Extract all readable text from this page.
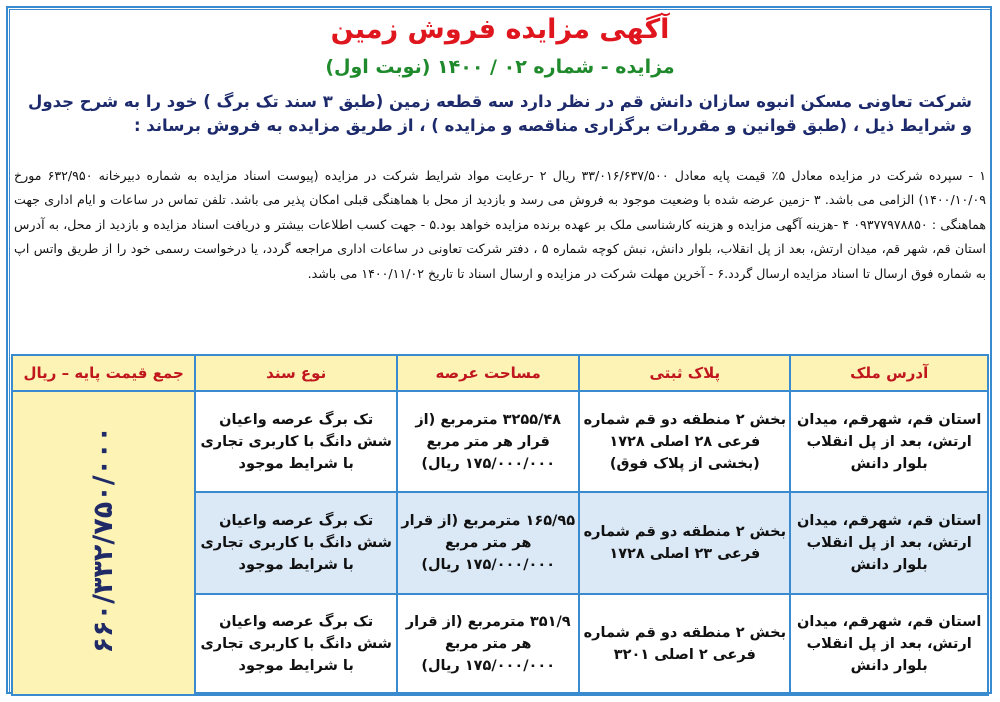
آگهی مزایده فروش زمین
مزایده - شماره ۰۲ / ۱۴۰۰ (نوبت اول)
شرکت تعاونی مسکن انبوه سازان دانش قم در نظر دارد سه قطعه زمین (طبق ۳ سند تک برگ ) خود را به شرح جدول و شرایط ذیل ، (طبق قوانین و مقررات برگزاری مناقصه و مزایده ) ، از طریق مزایده به فروش برساند :
۱ - سپرده شرکت در مزایده معادل ۵٪ قیمت پایه معادل ۳۳/۰۱۶/۶۳۷/۵۰۰ ریال ۲ -رعایت مواد شرایط شرکت در مزایده (پیوست اسناد مزایده به شماره دبیرخانه ۶۳۲/۹۵۰ مورخ ۱۴۰۰/۱۰/۰۹) الزامی می باشد. ۳ -زمین عرضه شده با وضعیت موجود به فروش می رسد و بازدید از محل با هماهنگی قبلی امکان پذیر می باشد. تلفن تماس در ساعات و ایام اداری جهت هماهنگی : ۰۹۳۷۷۹۷۸۸۵۰ ۴ -هزینه آگهی مزایده و هزینه کارشناسی ملک بر عهده برنده مزایده خواهد بود.۵ - جهت کسب اطلاعات بیشتر و دریافت اسناد مزایده و بازدید از محل، به آدرس استان قم، شهر قم، میدان ارتش، بعد از پل انقلاب، بلوار دانش، نبش کوچه شماره ۵ ، دفتر شرکت تعاونی در ساعات اداری مراجعه گردد، یا درخواست رسمی خود را از طریق واتس اپ به شماره فوق ارسال تا اسناد مزایده ارسال گردد.۶ - آخرین مهلت شرکت در مزایده و ارسال اسناد تا تاریخ ۱۴۰۰/۱۱/۰۲ می باشد.
آدرس ملک	پلاک ثبتی	مساحت عرصه	نوع سند	جمع قیمت پایه – ریال
استان قم، شهرقم، میدان ارتش، بعد از پل انقلاب بلوار دانش	بخش ۲ منطقه دو قم شماره فرعی ۲۸ اصلی ۱۷۲۸ (بخشی از پلاک فوق)	۳۲۵۵/۴۸ مترمربع (از قرار هر متر مربع ۱۷۵/۰۰۰/۰۰۰ ریال)	تک برگ عرصه واعیان شش دانگ با کاربری تجاری با شرایط موجود	۶۶۰/۳۳۲/۷۵۰/۰۰۰
استان قم، شهرقم، میدان ارتش، بعد از پل انقلاب بلوار دانش	بخش ۲ منطقه دو قم شماره فرعی ۲۳ اصلی ۱۷۲۸	۱۶۵/۹۵ مترمربع (از قرار هر متر مربع ۱۷۵/۰۰۰/۰۰۰ ریال)	تک برگ عرصه واعیان شش دانگ با کاربری تجاری با شرایط موجود	
استان قم، شهرقم، میدان ارتش، بعد از پل انقلاب بلوار دانش	بخش ۲ منطقه دو قم شماره فرعی ۲ اصلی ۳۲۰۱	۳۵۱/۹ مترمربع (از قرار هر متر مربع ۱۷۵/۰۰۰/۰۰۰ ریال)	تک برگ عرصه واعیان شش دانگ با کاربری تجاری با شرایط موجود	
